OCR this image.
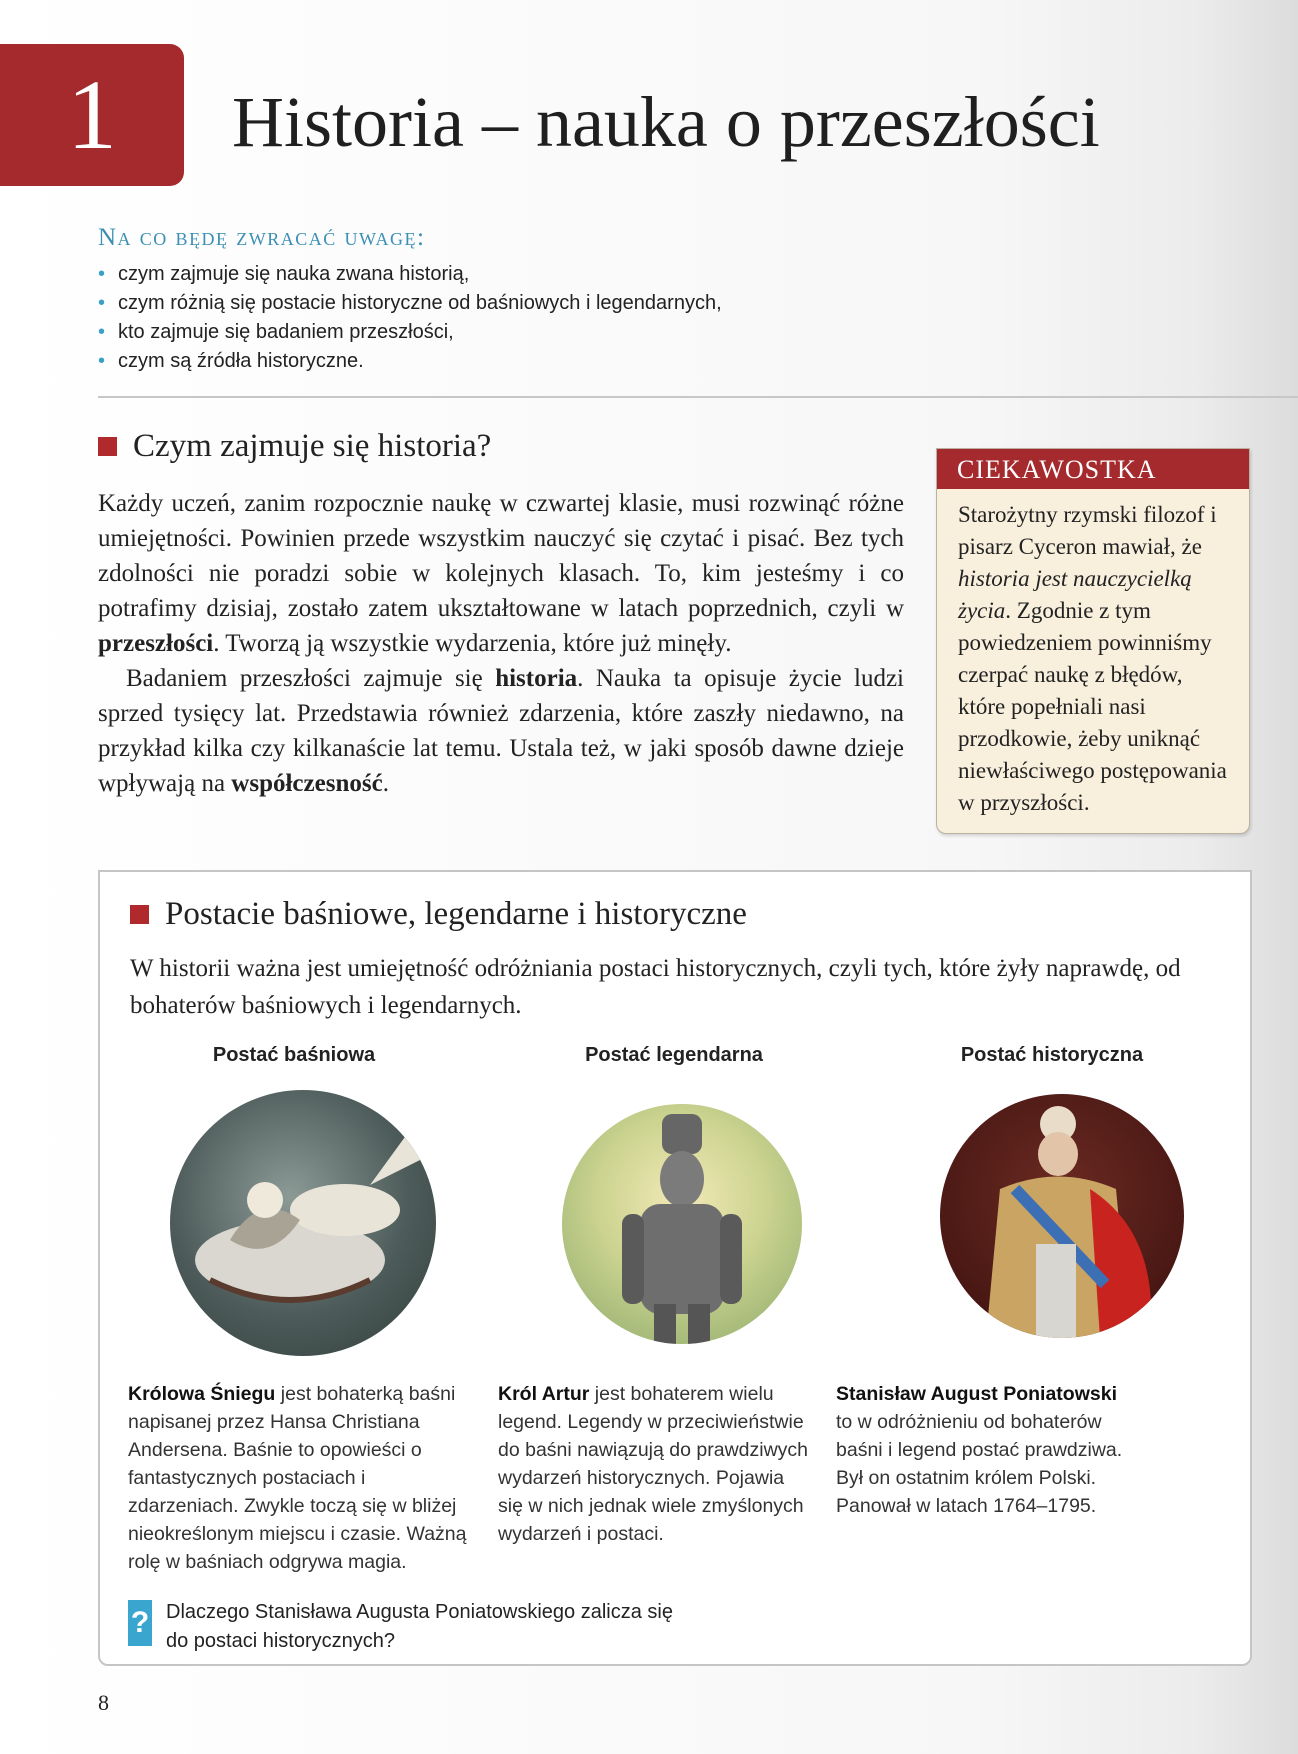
1	Historia – nauka o przeszłości
Na co będę zwracać uwagę:
• czym zajmuje się nauka zwana historią,
• czym różnią się postacie historyczne od baśniowych i legendarnych,
• kto zajmuje się badaniem przeszłości,
• czym są źródła historyczne.
Czym zajmuje się historia?

Każdy uczeń, zanim rozpocznie naukę w czwartej klasie, musi rozwinąć różne umiejętności. Powinien przede wszystkim nauczyć się czytać i pisać. Bez tych zdolności nie poradzi sobie w kolejnych klasach. To, kim jesteśmy i co potrafimy dzisiaj, zostało zatem ukształtowane w latach poprzednich, czyli w przeszłości. Tworzą ją wszystkie wydarzenia, które już minęły.

Badaniem przeszłości zajmuje się historia. Nauka ta opisuje życie ludzi sprzed tysięcy lat. Przedstawia również zdarzenia, które zaszły niedawno, na przykład kilka czy kilkanaście lat temu. Ustala też, w jaki sposób dawne dzieje wpływają na współczesność.

CIEKAWOSTKA
Starożytny rzymski filozof i pisarz Cyceron mawiał, że historia jest nauczycielką życia. Zgodnie z tym powiedzeniem powinniśmy czerpać naukę z błędów, które popełniali nasi przodkowie, żeby uniknąć niewłaściwego postępowania w przyszłości.
Postacie baśniowe, legendarne i historyczne
W historii ważna jest umiejętność odróżniania postaci historycznych, czyli tych, które żyły naprawdę, od bohaterów baśniowych i legendarnych.
Postać baśniowa
Królowa Śniegu jest bohaterką baśni napisanej przez Hansa Christiana Andersena. Baśnie to opowieści o fantastycznych postaciach i zdarzeniach. Zwykle toczą się w bliżej nieokreślonym miejscu i czasie. Ważną rolę w baśniach odgrywa magia.
Postać legendarna
Król Artur jest bohaterem wielu legend. Legendy w przeciwieństwie do baśni nawiązują do prawdziwych wydarzeń historycznych. Pojawia się w nich jednak wiele zmyślonych wydarzeń i postaci.
Postać historyczna
Stanisław August Poniatowski to w odróżnieniu od bohaterów baśni i legend postać prawdziwa. Był on ostatnim królem Polski. Panował w latach 1764–1795.
? Dlaczego Stanisława Augusta Poniatowskiego zalicza się do postaci historycznych?
8
